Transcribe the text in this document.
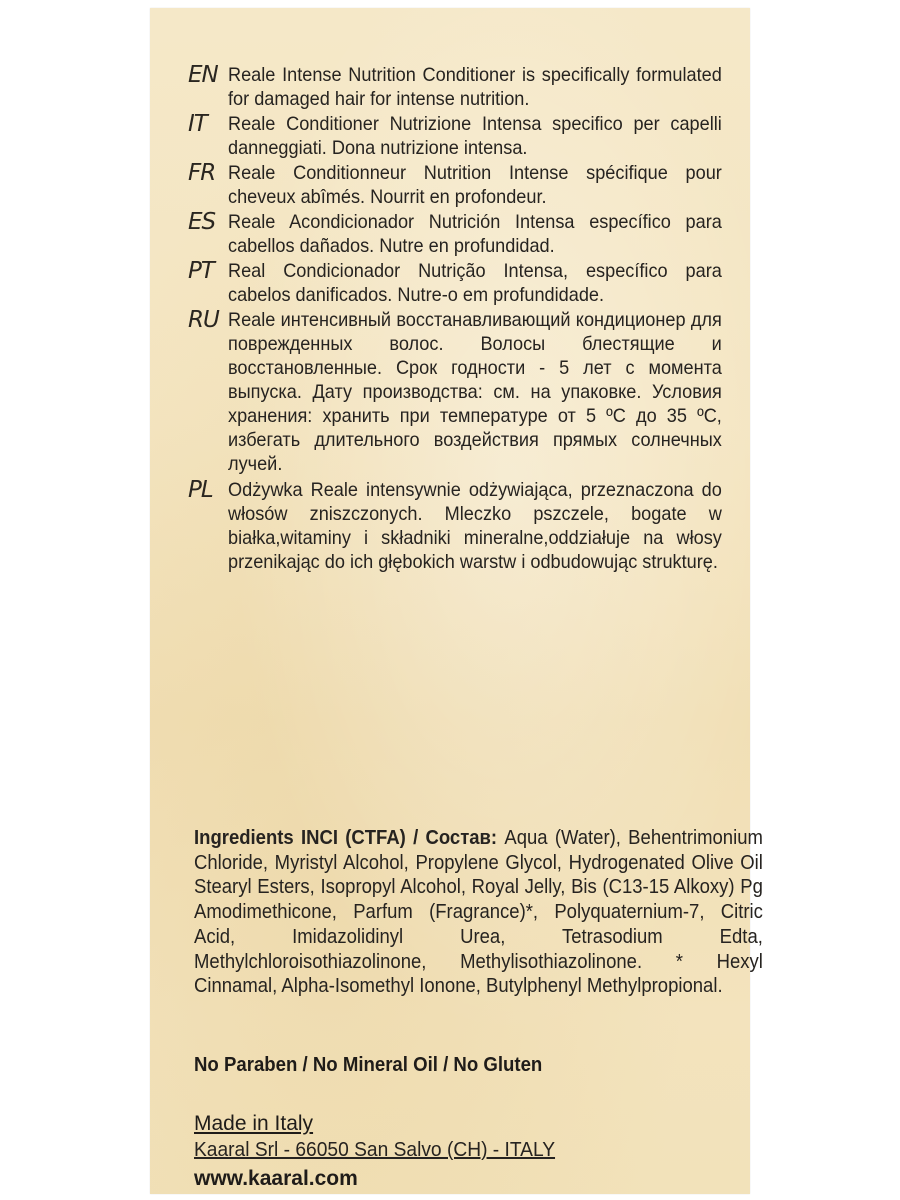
EN Reale Intense Nutrition Conditioner is specifically formulated for damaged hair for intense nutrition.
IT Reale Conditioner Nutrizione Intensa specifico per capelli danneggiati. Dona nutrizione intensa.
FR Reale Conditionneur Nutrition Intense spécifique pour cheveux abîmés. Nourrit en profondeur.
ES Reale Acondicionador Nutrición Intensa específico para cabellos dañados. Nutre en profundidad.
PT Real Condicionador Nutrição Intensa, específico para cabelos danificados. Nutre-o em profundidade.
RU Reale интенсивный восстанавливающий кондиционер для поврежденных волос. Волосы блестящие и восстановленные. Срок годности - 5 лет с момента выпуска. Дату производства: см. на упаковке. Условия хранения: хранить при температуре от 5 ºC до 35 ºC, избегать длительного воздействия прямых солнечных лучей.
PL Odżywka Reale intensywnie odżywiająca, przeznaczona do włosów zniszczonych. Mleczko pszczele, bogate w białka,witaminy i składniki mineralne,oddziałuje na włosy przenikając do ich głębokich warstw i odbudowując strukturę.
Ingredients INCI (CTFA) / Состав: Aqua (Water), Behentrimonium Chloride, Myristyl Alcohol, Propylene Glycol, Hydrogenated Olive Oil Stearyl Esters, Isopropyl Alcohol, Royal Jelly, Bis (C13-15 Alkoxy) Pg Amodimethicone, Parfum (Fragrance)*, Polyquaternium-7, Citric Acid, Imidazolidinyl Urea, Tetrasodium Edta, Methylchloroisothiazolinone, Methylisothiazolinone. * Hexyl Cinnamal, Alpha-Isomethyl Ionone, Butylphenyl Methylpropional.
No Paraben / No Mineral Oil / No Gluten
Made in Italy
Kaaral Srl - 66050 San Salvo (CH) - ITALY
www.kaaral.com
